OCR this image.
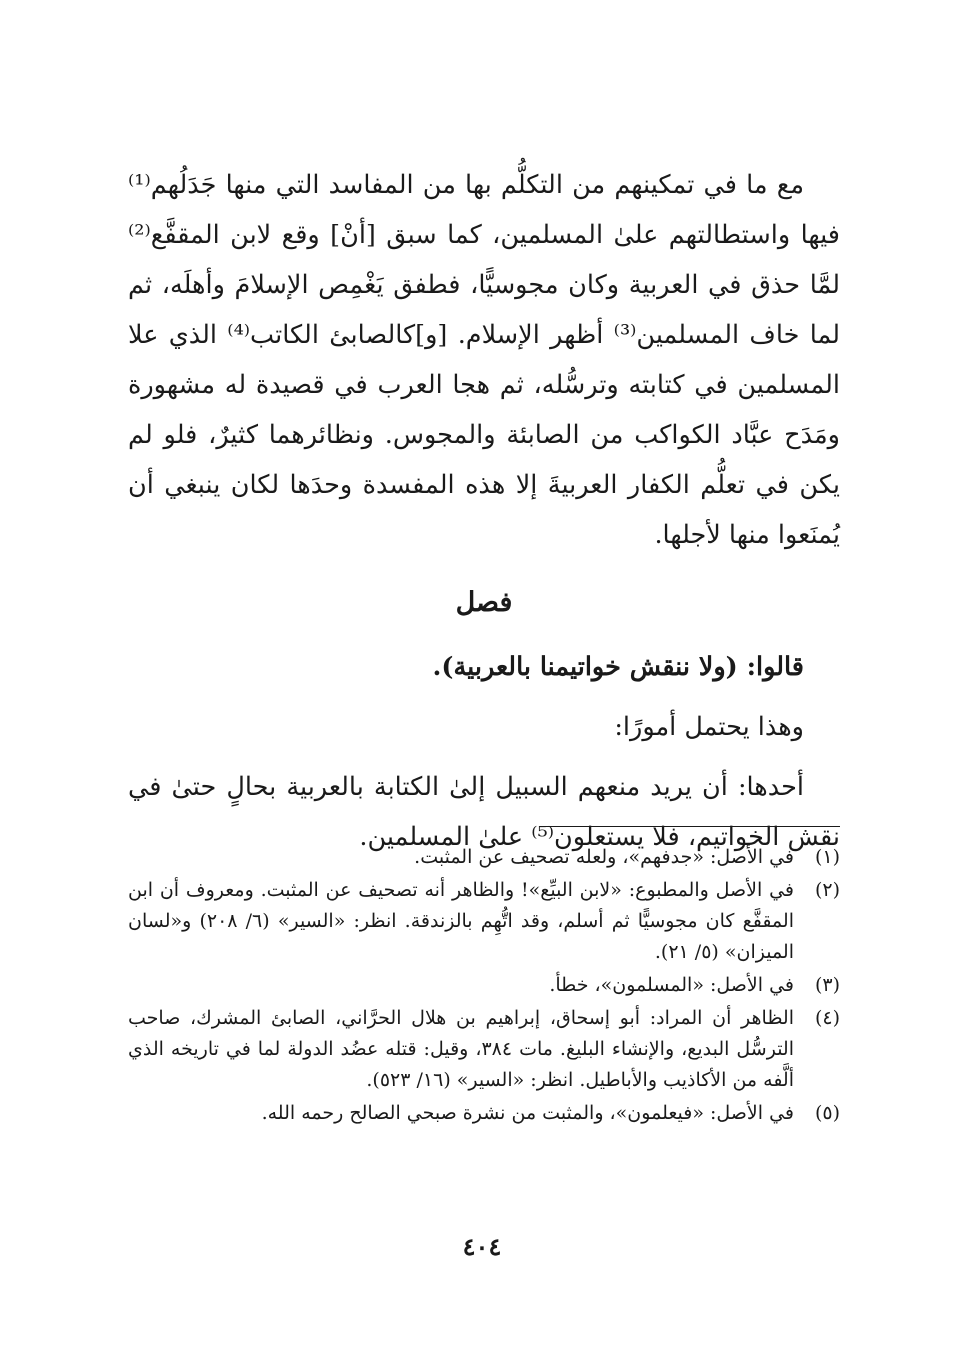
مع ما في تمكينهم من التكلُّم بها من المفاسد التي منها جَدَلُهم⁽¹⁾ فيها واستطالتهم علىٰ المسلمين، كما سبق [أنْ] وقع لابن المقفَّع⁽²⁾ لمَّا حذق في العربية وكان مجوسيًّا، فطفق يَغْمِص الإسلامَ وأهلَه، ثم لما خاف المسلمين⁽³⁾ أظهر الإسلام. [و]كالصابئ الكاتب⁽⁴⁾ الذي علا المسلمين في كتابته وترسُّله، ثم هجا العرب في قصيدة له مشهورة ومَدَح عبَّاد الكواكب من الصابئة والمجوس. ونظائرهما كثيرٌ، فلو لم يكن في تعلُّم الكفار العربيةَ إلا هذه المفسدة وحدَها لكان ينبغي أن يُمنَعوا منها لأجلها.

فصل

قالوا: (ولا ننقش خواتيمنا بالعربية).

وهذا يحتمل أمورًا:

أحدها: أن يريد منعهم السبيل إلىٰ الكتابة بالعربية بحالٍ حتىٰ في نقش الخواتيم، فلا يستعلون⁽⁵⁾ علىٰ المسلمين.

(١)
في الأصل: «جدفهم»، ولعله تصحيف عن المثبت.
(٢)
في الأصل والمطبوع: «لابن البيِّع»! والظاهر أنه تصحيف عن المثبت. ومعروف أن ابن المقفَّع كان مجوسيًّا ثم أسلم، وقد اتُّهِم بالزندقة. انظر: «السير» (٦/ ٢٠٨) و«لسان الميزان» (٥/ ٢١).
(٣)
في الأصل: «المسلمون»، خطأ.
(٤)
الظاهر أن المراد: أبو إسحاق، إبراهيم بن هلال الحرَّاني، الصابئ المشرك، صاحب الترسُّل البديع، والإنشاء البليغ. مات ٣٨٤، وقيل: قتله عضُد الدولة لما في تاريخه الذي ألَّفه من الأكاذيب والأباطيل. انظر: «السير» (١٦/ ٥٢٣).
(٥)
في الأصل: «فيعلمون»، والمثبت من نشرة صبحي الصالح رحمه الله.
٤٠٤
